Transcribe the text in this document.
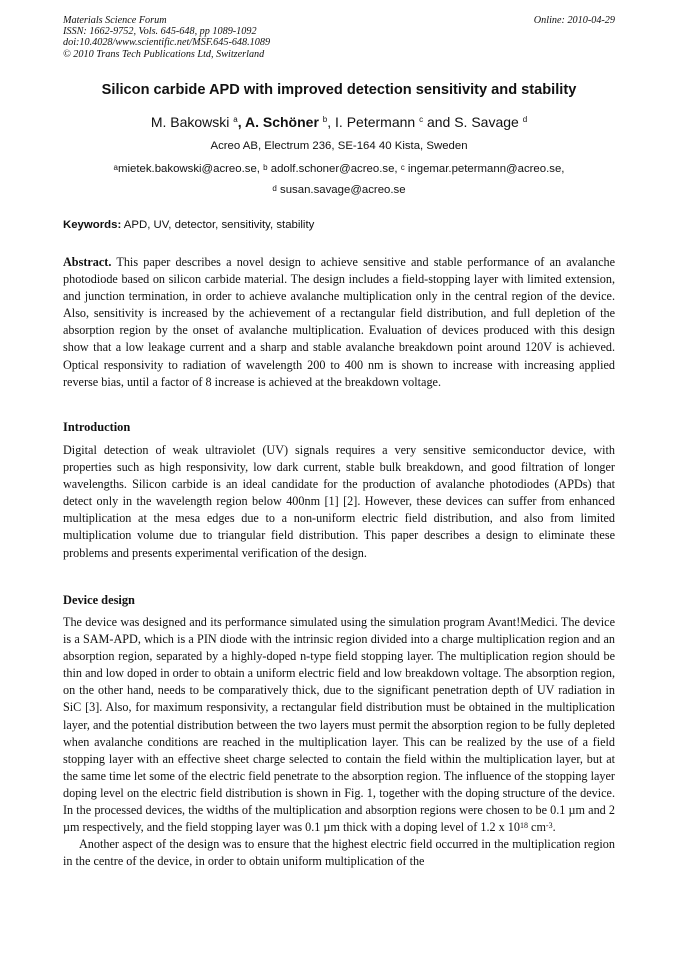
Materials Science Forum
ISSN: 1662-9752, Vols. 645-648, pp 1089-1092
doi:10.4028/www.scientific.net/MSF.645-648.1089
© 2010 Trans Tech Publications Ltd, Switzerland
Online: 2010-04-29
Silicon carbide APD with improved detection sensitivity and stability
M. Bakowski $^a$, A. Schöner $^b$, I. Petermann $^c$ and S. Savage $^d$
Acreo AB, Electrum 236, SE-164 40 Kista, Sweden
$^a$mietek.bakowski@acreo.se, $^b$ adolf.schoner@acreo.se, $^c$ ingemar.petermann@acreo.se,
$^d$ susan.savage@acreo.se
Keywords: APD, UV, detector, sensitivity, stability

Abstract. This paper describes a novel design to achieve sensitive and stable performance of an avalanche photodiode based on silicon carbide material. The design includes a field-stopping layer with limited extension, and junction termination, in order to achieve avalanche multiplication only in the central region of the device. Also, sensitivity is increased by the achievement of a rectangular field distribution, and full depletion of the absorption region by the onset of avalanche multiplication. Evaluation of devices produced with this design show that a low leakage current and a sharp and stable avalanche breakdown point around 120V is achieved. Optical responsivity to radiation of wavelength 200 to 400 nm is shown to increase with increasing applied reverse bias, until a factor of 8 increase is achieved at the breakdown voltage.

Introduction

Digital detection of weak ultraviolet (UV) signals requires a very sensitive semiconductor device, with properties such as high responsivity, low dark current, stable bulk breakdown, and good filtration of longer wavelengths. Silicon carbide is an ideal candidate for the production of avalanche photodiodes (APDs) that detect only in the wavelength region below 400nm [1] [2]. However, these devices can suffer from enhanced multiplication at the mesa edges due to a non-uniform electric field distribution, and also from limited multiplication volume due to triangular field distribution. This paper describes a design to eliminate these problems and presents experimental verification of the design.

Device design

The device was designed and its performance simulated using the simulation program Avant!Medici. The device is a SAM-APD, which is a PIN diode with the intrinsic region divided into a charge multiplication region and an absorption region, separated by a highly-doped n-type field stopping layer. The multiplication region should be thin and low doped in order to obtain a uniform electric field and low breakdown voltage. The absorption region, on the other hand, needs to be comparatively thick, due to the significant penetration depth of UV radiation in SiC [3]. Also, for maximum responsivity, a rectangular field distribution must be obtained in the multiplication layer, and the potential distribution between the two layers must permit the absorption region to be fully depleted when avalanche conditions are reached in the multiplication layer. This can be realized by the use of a field stopping layer with an effective sheet charge selected to contain the field within the multiplication layer, but at the same time let some of the electric field penetrate to the absorption region. The influence of the stopping layer doping level on the electric field distribution is shown in Fig. 1, together with the doping structure of the device. In the processed devices, the widths of the multiplication and absorption regions were chosen to be 0.1 µm and 2 µm respectively, and the field stopping layer was 0.1 µm thick with a doping level of 1.2 x $10^{18}$ $cm^{-3}$.

Another aspect of the design was to ensure that the highest electric field occurred in the multiplication region in the centre of the device, in order to obtain uniform multiplication of the
